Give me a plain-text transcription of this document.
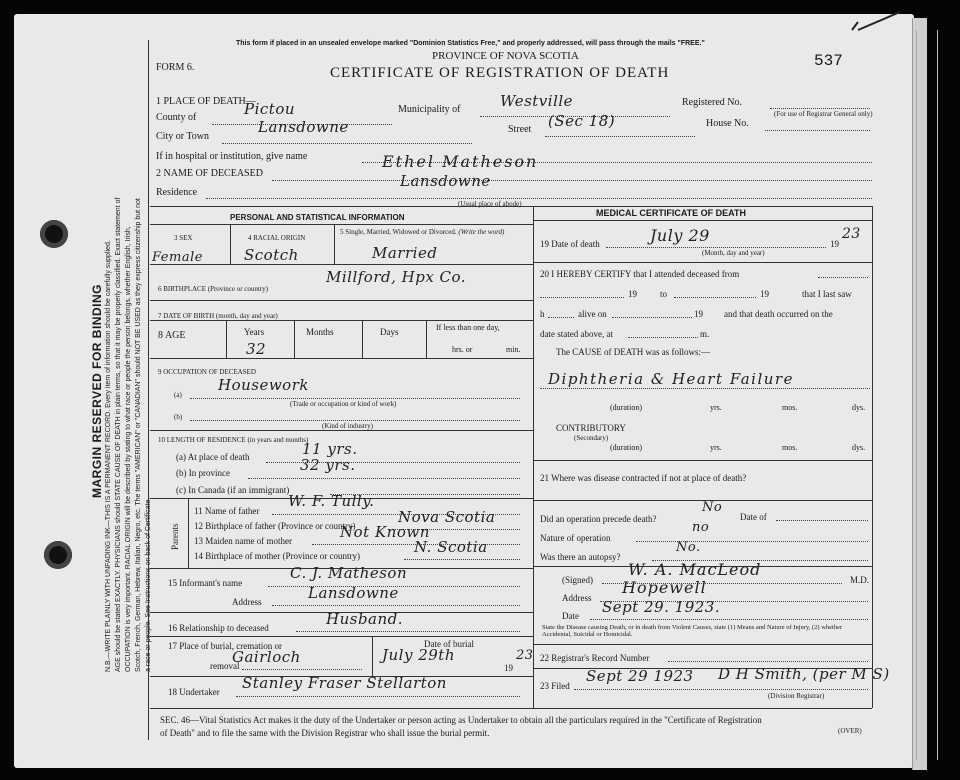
MARGIN RESERVED FOR BINDING N.B.—WRITE PLAINLY WITH UNFADING INK—THIS IS A PERMANENT RECORD. Every item of information should be carefully supplied. AGE should be stated EXACTLY. PHYSICIANS should STATE CAUSE OF DEATH in plain terms, so that it may be properly classified. Exact statement of OCCUPATION is very important. RACIAL ORIGIN will be described by stating to what race or people the person belongs, whether English, Irish, Scotch, French, German, Hebrew, Italian, Negro, etc. The terms "AMERICAN" or "CANADIAN" should NOT BE USED as they express citizenship but not a race or people. See Instructions on back of Certificate.
This form if placed in an unsealed envelope marked "Dominion Statistics Free," and properly addressed, will pass through the mails "FREE."
PROVINCE OF NOVA SCOTIA
CERTIFICATE OF REGISTRATION OF DEATH
FORM 6.	537
1 PLACE OF DEATH—
County of	Pictou	Municipality of	Westville	Registered No.
(For use of Registrar General only)
City or Town
Lansdowne	Street (Sec 18)	House No.
If in hospital or institution, give name
2 NAME OF DECEASED
Ethel Matheson
Residence
Lansdowne
(Usual place of abode)
PERSONAL AND STATISTICAL INFORMATION
3 SEX	4 RACIAL ORIGIN
5 Single, Married, Widowed or Divorced. (Write the word)
Female	Scotch	Married
6 BIRTHPLACE (Province or country)
Millford, Hpx Co.
7 DATE OF BIRTH (month, day and year)
8 AGE	Years	Months	Days	If less than one day,
hrs. or	min.
32
9 OCCUPATION OF DECEASED
(a)
Housework
(Trade or occupation or kind of work)
(b)
(Kind of industry)
10 LENGTH OF RESIDENCE (in years and months)
(a) At place of death	11 yrs.
(b) In province	32 yrs.
(c) In Canada (if an immigrant)
Parents
11 Name of father
W. F. Tully.
12 Birthplace of father (Province or country)	Nova Scotia
13 Maiden name of mother	Not Known
14 Birthplace of mother (Province or country)	N. Scotia
15 Informant's name
C. J. Matheson
Address	Lansdowne
16 Relationship to deceased	Husband.
17 Place of burial, cremation or
removal
Gairloch
Date of burial
July 29th
19
23
18 Undertaker Stanley Fraser Stellarton
MEDICAL CERTIFICATE OF DEATH
19 Date of death	July 29
(Month, day and year)
19
23
20 I HEREBY CERTIFY that I attended deceased from
19	to	19	that I last saw
h	alive on	19 and that death occurred on the
date stated above, at	m.
The CAUSE of DEATH was as follows:—
Diphtheria & Heart Failure
(duration)	yrs.	mos.	dys.
CONTRIBUTORY
(Secondary)
(duration)	yrs.	mos.	dys.
21 Where was disease contracted if not at place of death?
Did an operation precede death?
No
Date of
Nature of operation
no
Was there an autopsy?
No.
(Signed)
W. A. MacLeod
M.D.
Address
Hopewell
Date Sept 29. 1923.
State the Disease causing Death, or in death from Violent Causes, state (1) Means and Nature of Injury, (2) whether Accidental, Suicidal or Homicidal.
22 Registrar's Record Number
23 Filed
Sept 29 1923 D H Smith, (per M S)
(Division Registrar)
SEC. 46—Vital Statistics Act makes it the duty of the Undertaker or person acting as Undertaker to obtain all the particulars required in the "Certificate of Registration
of Death" and to file the same with the Division Registrar who shall issue the burial permit.	(OVER)
